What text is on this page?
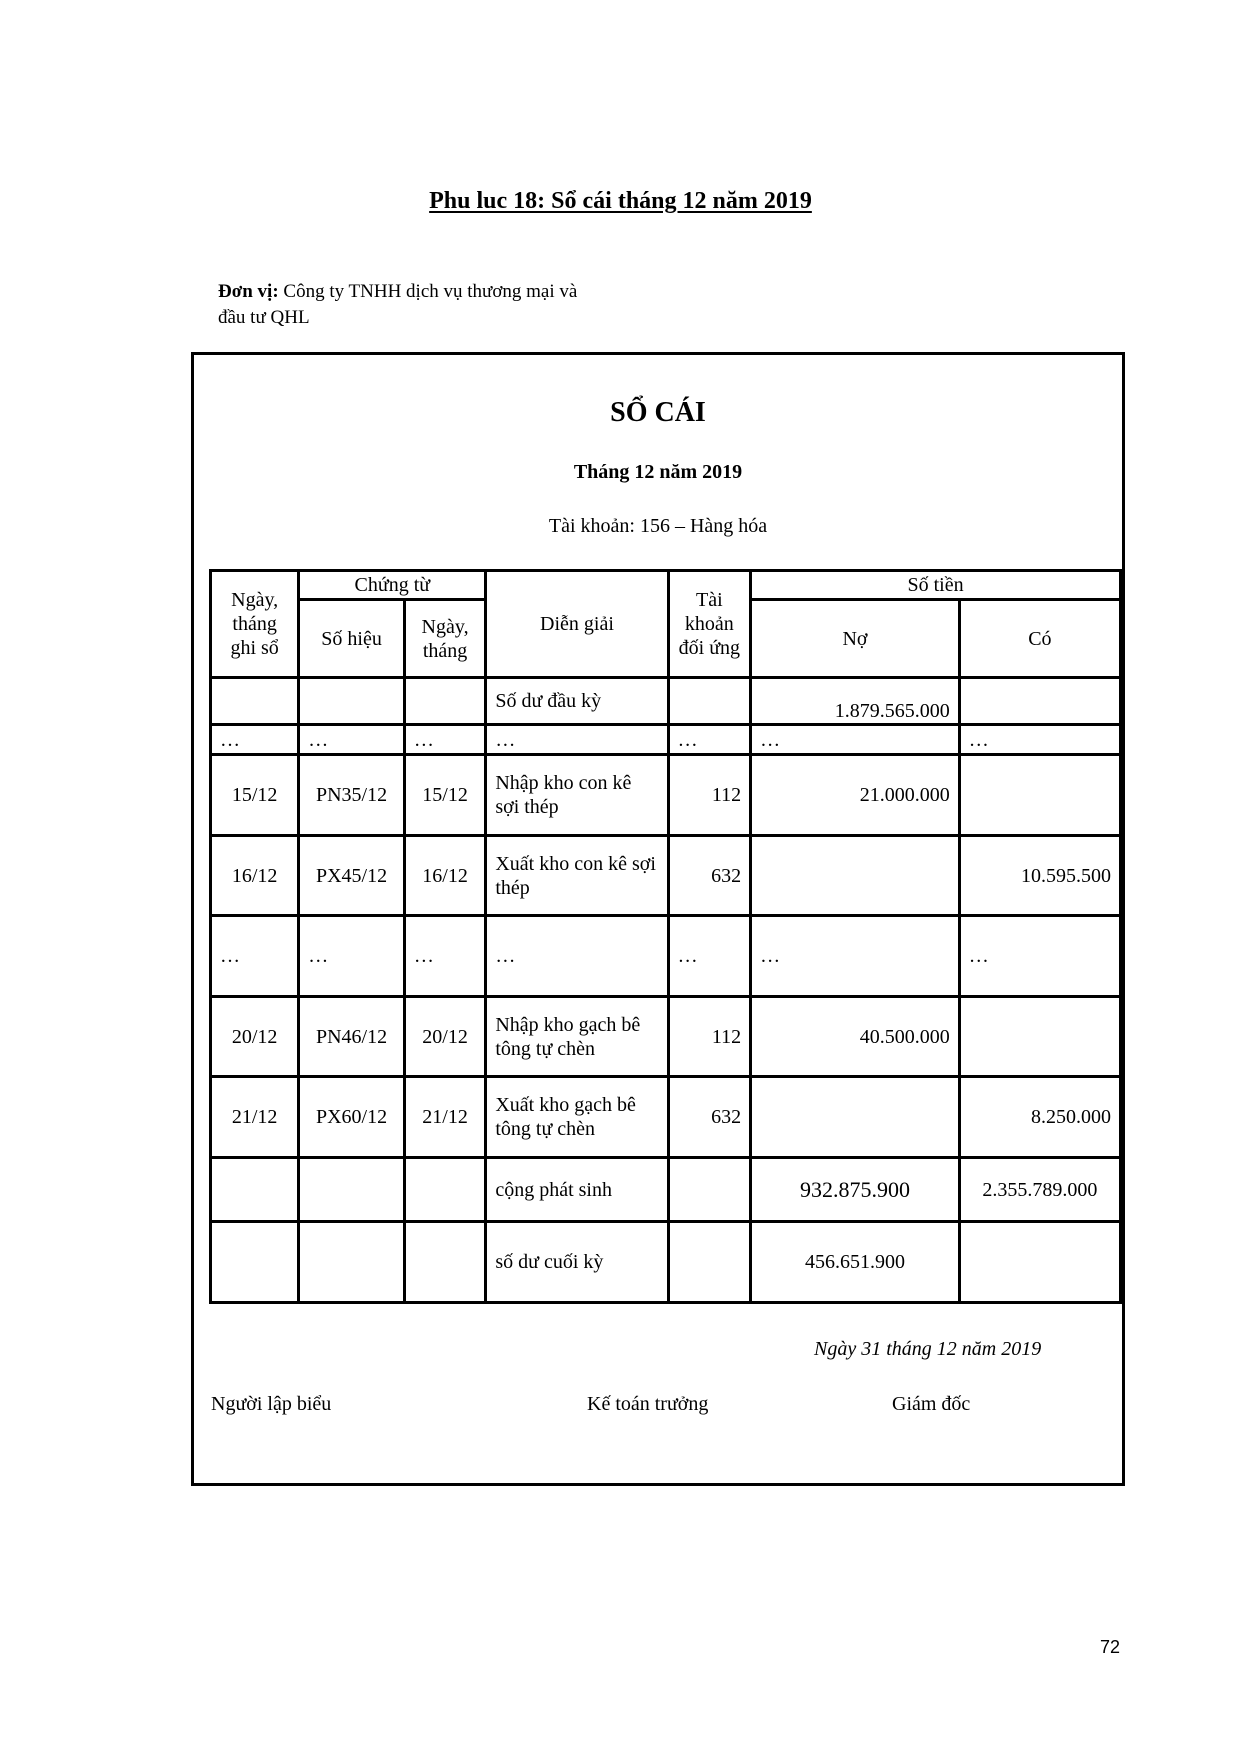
Phu luc 18: Sổ cái tháng 12 năm 2019
Đơn vị: Công ty TNHH dịch vụ thương mại và
đầu tư QHL
SỔ CÁI
Tháng 12 năm 2019
Tài khoản: 156 – Hàng hóa
Ngày, tháng ghi sổ	Chứng từ		Diễn giải	Tài khoản đối ứng	Số tiền	
	Số hiệu	Ngày, tháng			Nợ	Có
			Số dư đầu kỳ		1.879.565.000	
…	…	…	…	…	…	…
15/12	PN35/12	15/12	Nhập kho con kê sợi thép	112	21.000.000	
16/12	PX45/12	16/12	Xuất kho con kê sợi thép	632		10.595.500
…	…	…	…	…	…	…
20/12	PN46/12	20/12	Nhập kho gạch bê tông tự chèn	112	40.500.000	
21/12	PX60/12	21/12	Xuất kho gạch bê tông tự chèn	632		8.250.000
			cộng phát sinh		932.875.900	2.355.789.000
			số dư cuối kỳ		456.651.900	
Ngày 31 tháng 12 năm 2019
Người lập biểu	Kế toán trưởng	Giám đốc
72
